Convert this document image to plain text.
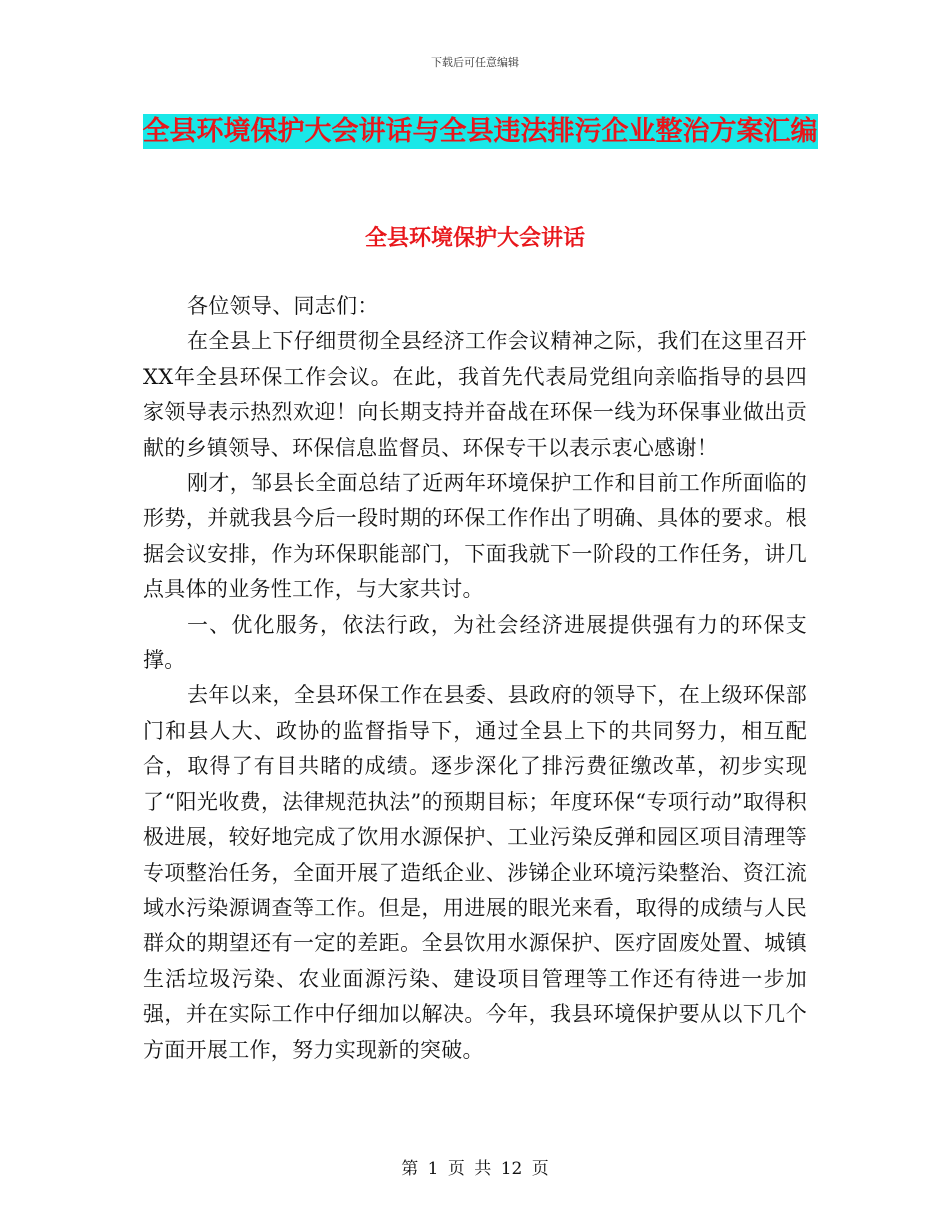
下载后可任意编辑
全县环境保护大会讲话与全县违法排污企业整治方案汇编
全县环境保护大会讲话

各位领导、同志们：

在全县上下仔细贯彻全县经济工作会议精神之际，我们在这里召开XX年全县环保工作会议。在此，我首先代表局党组向亲临指导的县四家领导表示热烈欢迎！向长期支持并奋战在环保一线为环保事业做出贡献的乡镇领导、环保信息监督员、环保专干以表示衷心感谢！

刚才，邹县长全面总结了近两年环境保护工作和目前工作所面临的形势，并就我县今后一段时期的环保工作作出了明确、具体的要求。根据会议安排，作为环保职能部门，下面我就下一阶段的工作任务，讲几点具体的业务性工作，与大家共讨。

一、优化服务，依法行政，为社会经济进展提供强有力的环保支撑。

去年以来，全县环保工作在县委、县政府的领导下，在上级环保部门和县人大、政协的监督指导下，通过全县上下的共同努力，相互配合，取得了有目共睹的成绩。逐步深化了排污费征缴改革，初步实现了“阳光收费，法律规范执法”的预期目标；年度环保“专项行动”取得积极进展，较好地完成了饮用水源保护、工业污染反弹和园区项目清理等专项整治任务，全面开展了造纸企业、涉锑企业环境污染整治、资江流域水污染源调查等工作。但是，用进展的眼光来看，取得的成绩与人民群众的期望还有一定的差距。全县饮用水源保护、医疗固废处置、城镇生活垃圾污染、农业面源污染、建设项目管理等工作还有待进一步加强，并在实际工作中仔细加以解决。今年，我县环境保护要从以下几个方面开展工作，努力实现新的突破。

第 1 页 共 12 页
